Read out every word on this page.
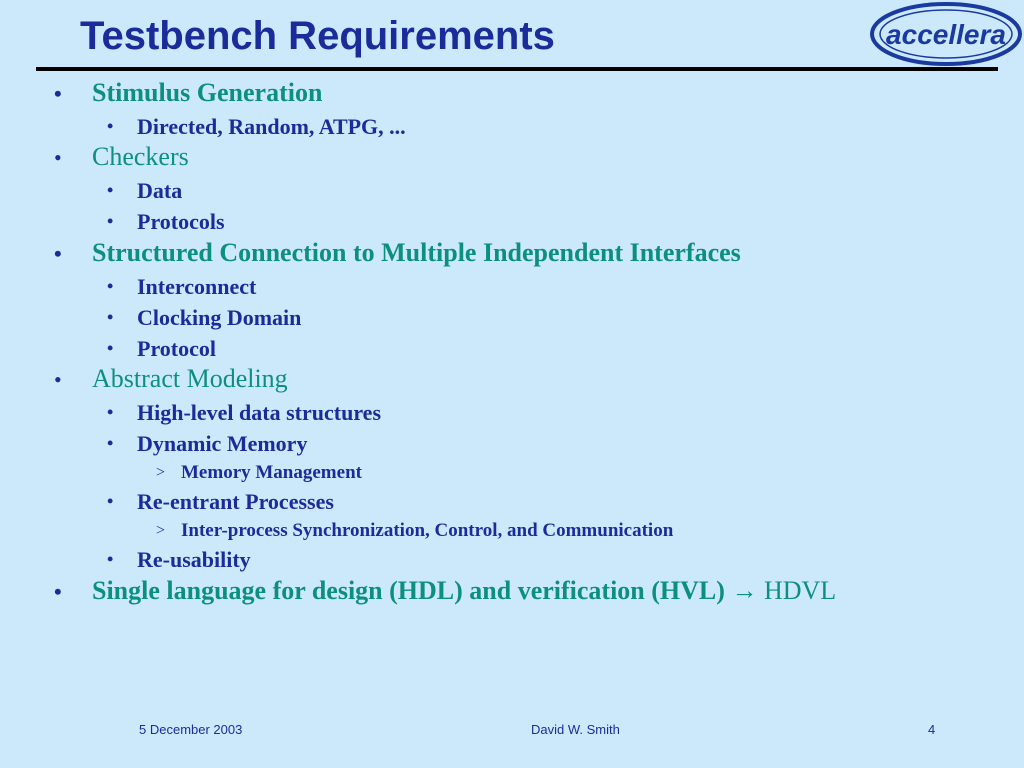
Testbench Requirements	accellera
• Stimulus Generation
• Directed, Random, ATPG, ...
• Checkers
• Data
• Protocols
• Structured Connection to Multiple Independent Interfaces
• Interconnect
• Clocking Domain
• Protocol
• Abstract Modeling
• High-level data structures
• Dynamic Memory
> Memory Management
• Re-entrant Processes
> Inter-process Synchronization, Control, and Communication
• Re-usability
• Single language for design (HDL) and verification (HVL) → HDVL
5 December 2003	David W. Smith	4
